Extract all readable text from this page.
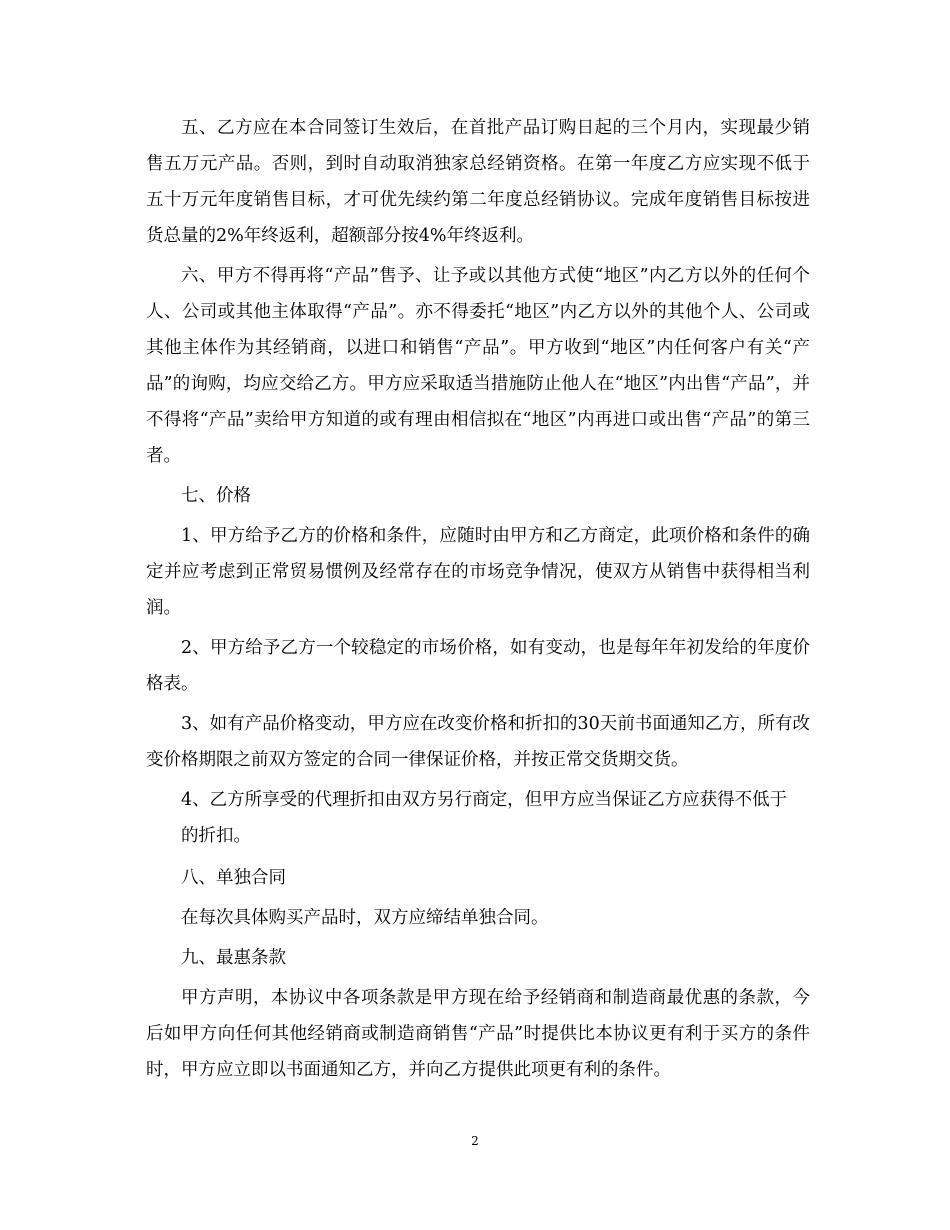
五、乙方应在本合同签订生效后，在首批产品订购日起的三个月内，实现最少销售五万元产品。否则，到时自动取消独家总经销资格。在第一年度乙方应实现不低于五十万元年度销售目标，才可优先续约第二年度总经销协议。完成年度销售目标按进货总量的2%年终返利，超额部分按4%年终返利。

六、甲方不得再将“产品”售予、让予或以其他方式使“地区”内乙方以外的任何个人、公司或其他主体取得“产品”。亦不得委托“地区”内乙方以外的其他个人、公司或其他主体作为其经销商，以进口和销售“产品”。甲方收到“地区”内任何客户有关“产品”的询购，均应交给乙方。甲方应采取适当措施防止他人在“地区”内出售“产品”，并不得将“产品”卖给甲方知道的或有理由相信拟在“地区”内再进口或出售“产品”的第三者。

七、价格

1、甲方给予乙方的价格和条件，应随时由甲方和乙方商定，此项价格和条件的确定并应考虑到正常贸易惯例及经常存在的市场竞争情况，使双方从销售中获得相当利润。

2、甲方给予乙方一个较稳定的市场价格，如有变动，也是每年年初发给的年度价格表。

3、如有产品价格变动，甲方应在改变价格和折扣的30天前书面通知乙方，所有改变价格期限之前双方签定的合同一律保证价格，并按正常交货期交货。

4、乙方所享受的代理折扣由双方另行商定，但甲方应当保证乙方应获得不低于

的折扣。

八、单独合同

在每次具体购买产品时，双方应缔结单独合同。

九、最惠条款

甲方声明，本协议中各项条款是甲方现在给予经销商和制造商最优惠的条款，今后如甲方向任何其他经销商或制造商销售“产品”时提供比本协议更有利于买方的条件时，甲方应立即以书面通知乙方，并向乙方提供此项更有利的条件。

2
